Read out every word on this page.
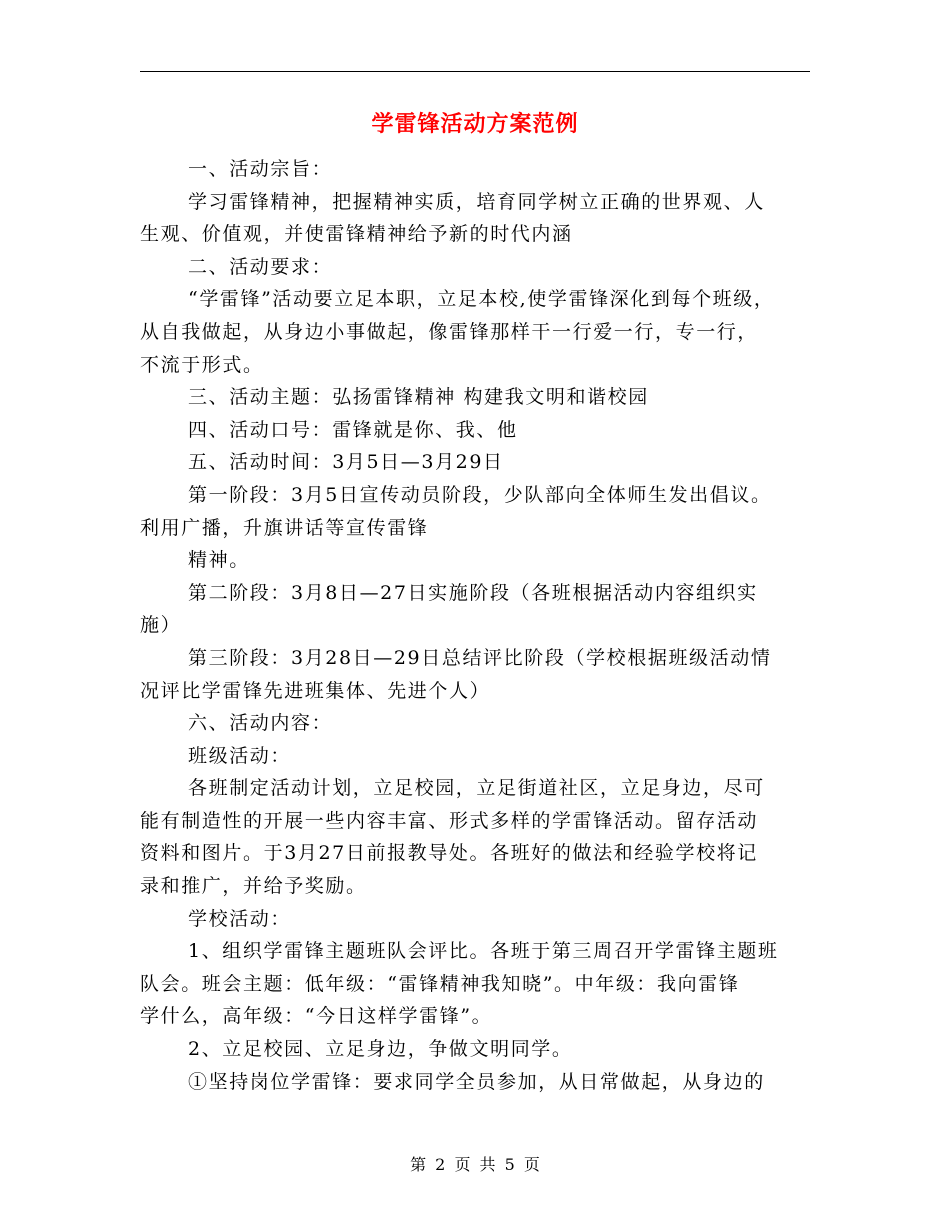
学雷锋活动方案范例
一、活动宗旨：
学习雷锋精神，把握精神实质，培育同学树立正确的世界观、人
生观、价值观，并使雷锋精神给予新的时代内涵
二、活动要求：
“学雷锋”活动要立足本职，立足本校,使学雷锋深化到每个班级，
从自我做起，从身边小事做起，像雷锋那样干一行爱一行，专一行，
不流于形式。
三、活动主题：弘扬雷锋精神 构建我文明和谐校园
四、活动口号：雷锋就是你、我、他
五、活动时间：3月5日—3月29日
第一阶段：3月5日宣传动员阶段，少队部向全体师生发出倡议。
利用广播，升旗讲话等宣传雷锋
精神。
第二阶段：3月8日—27日实施阶段（各班根据活动内容组织实
施）
第三阶段：3月28日—29日总结评比阶段（学校根据班级活动情
况评比学雷锋先进班集体、先进个人）
六、活动内容：
班级活动：
各班制定活动计划，立足校园，立足街道社区，立足身边，尽可
能有制造性的开展一些内容丰富、形式多样的学雷锋活动。留存活动
资料和图片。于3月27日前报教导处。各班好的做法和经验学校将记
录和推广，并给予奖励。
学校活动：
1、组织学雷锋主题班队会评比。各班于第三周召开学雷锋主题班
队会。班会主题：低年级：“雷锋精神我知晓”。中年级：我向雷锋
学什么，高年级：“今日这样学雷锋”。
2、立足校园、立足身边，争做文明同学。
①坚持岗位学雷锋：要求同学全员参加，从日常做起，从身边的
第 2 页 共 5 页
